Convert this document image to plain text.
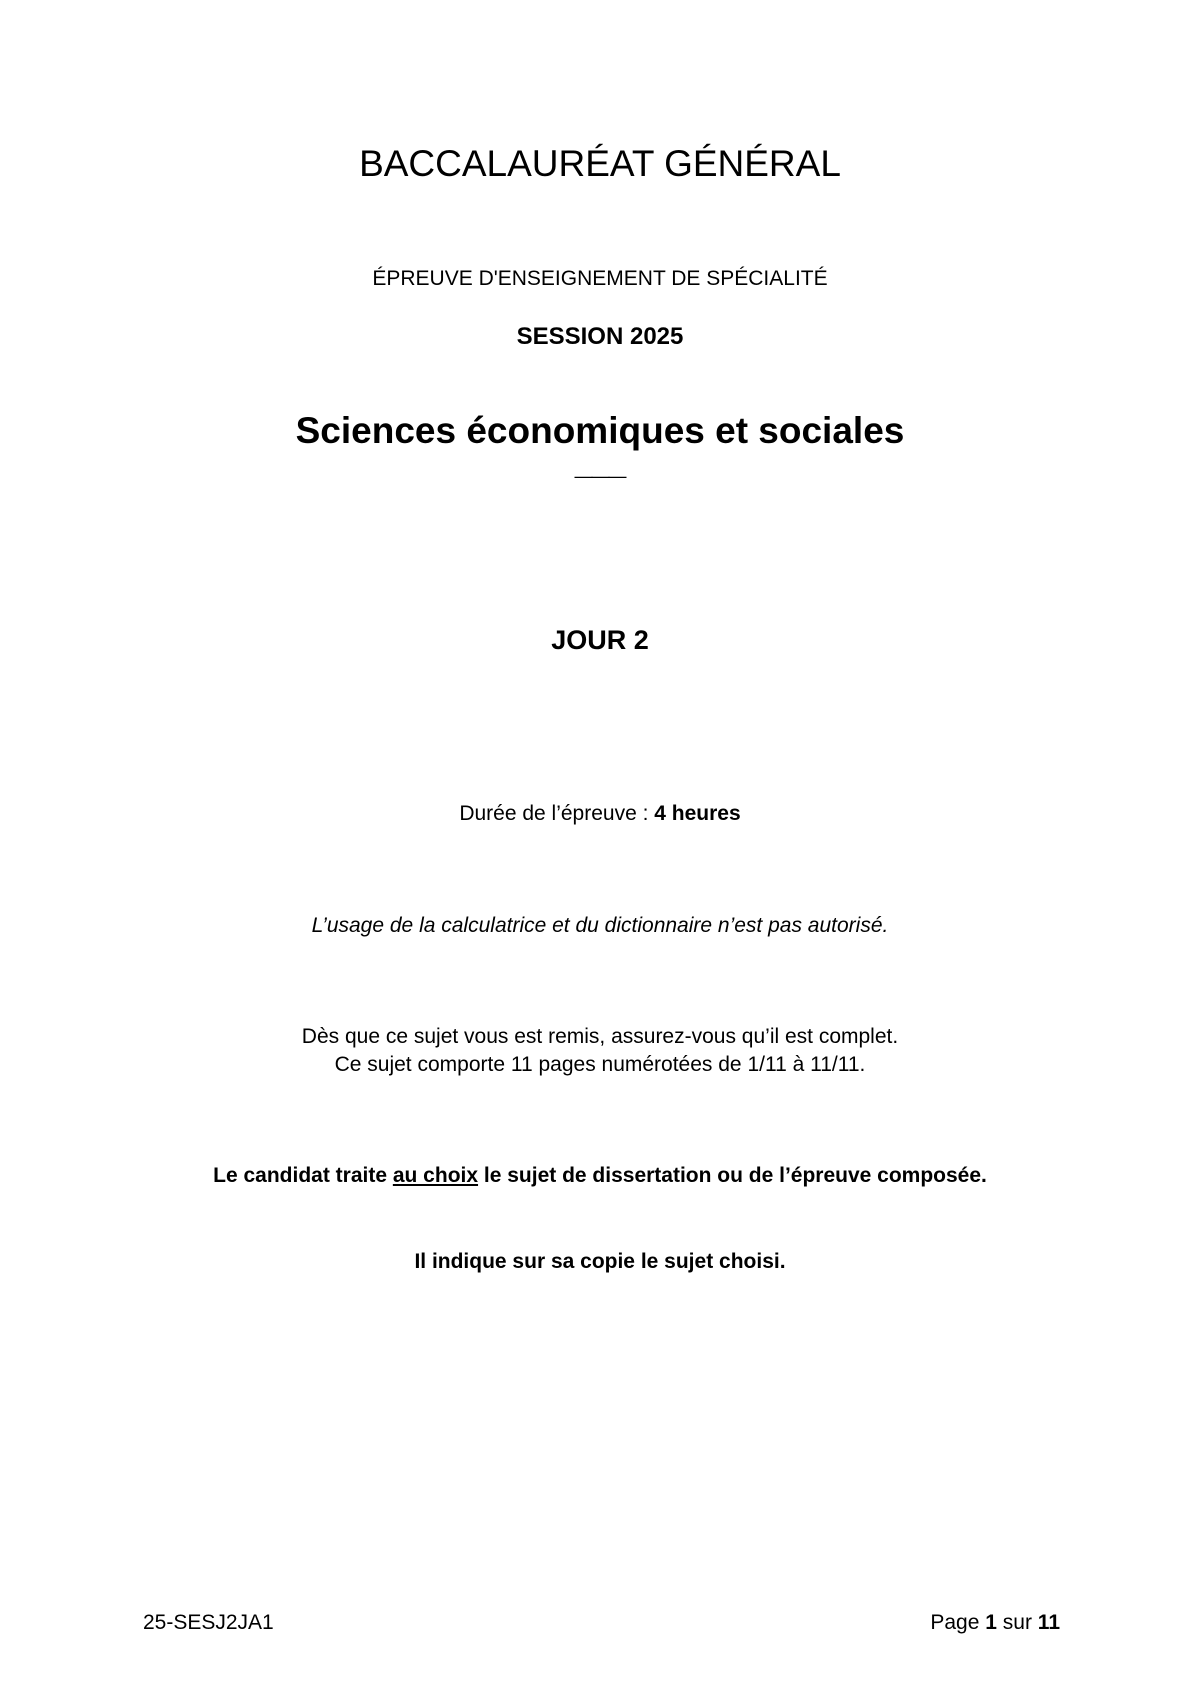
BACCALAURÉAT GÉNÉRAL
ÉPREUVE D'ENSEIGNEMENT DE SPÉCIALITÉ
SESSION 2025
Sciences économiques et sociales
———
JOUR 2
Durée de l’épreuve : 4 heures
L’usage de la calculatrice et du dictionnaire n’est pas autorisé.
Dès que ce sujet vous est remis, assurez-vous qu’il est complet.
Ce sujet comporte 11 pages numérotées de 1/11 à 11/11.
Le candidat traite au choix le sujet de dissertation ou de l’épreuve composée.
Il indique sur sa copie le sujet choisi.
25-SESJ2JA1	Page 1 sur 11
